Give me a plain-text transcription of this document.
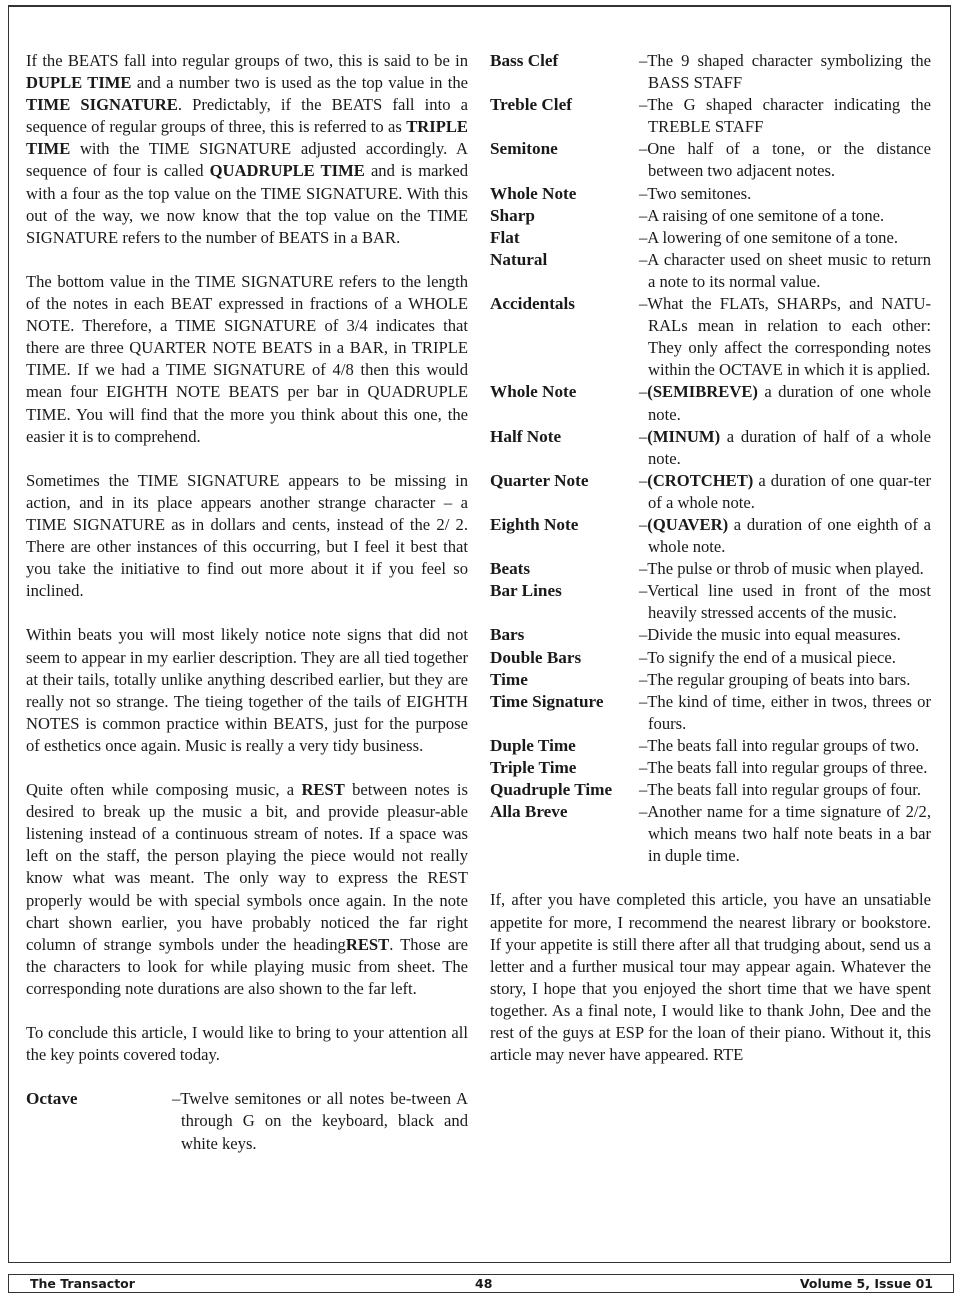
If the BEATS fall into regular groups of two, this is said to be in DUPLE TIME and a number two is used as the top value in the TIME SIGNATURE. Predictably, if the BEATS fall into a sequence of regular groups of three, this is referred to as TRIPLE TIME with the TIME SIGNATURE adjusted accordingly. A sequence of four is called QUADRUPLE TIME and is marked with a four as the top value on the TIME SIGNATURE. With this out of the way, we now know that the top value on the TIME SIGNATURE refers to the number of BEATS in a BAR.

The bottom value in the TIME SIGNATURE refers to the length of the notes in each BEAT expressed in fractions of a WHOLE NOTE. Therefore, a TIME SIGNATURE of 3/4 indicates that there are three QUARTER NOTE BEATS in a BAR, in TRIPLE TIME. If we had a TIME SIGNATURE of 4/8 then this would mean four EIGHTH NOTE BEATS per bar in QUADRUPLE TIME. You will find that the more you think about this one, the easier it is to comprehend.

Sometimes the TIME SIGNATURE appears to be missing in action, and in its place appears another strange character – a TIME SIGNATURE as in dollars and cents, instead of the 2/ 2. There are other instances of this occurring, but I feel it best that you take the initiative to find out more about it if you feel so inclined.

Within beats you will most likely notice note signs that did not seem to appear in my earlier description. They are all tied together at their tails, totally unlike anything described earlier, but they are really not so strange. The tieing together of the tails of EIGHTH NOTES is common practice within BEATS, just for the purpose of esthetics once again. Music is really a very tidy business.

Quite often while composing music, a REST between notes is desired to break up the music a bit, and provide pleasur-able listening instead of a continuous stream of notes. If a space was left on the staff, the person playing the piece would not really know what was meant. The only way to express the REST properly would be with special symbols once again. In the note chart shown earlier, you have probably noticed the far right column of strange symbols under the headingREST. Those are the characters to look for while playing music from sheet. The corresponding note durations are also shown to the far left.

To conclude this article, I would like to bring to your attention all the key points covered today.

Octave	–Twelve semitones or all notes be-tween A through G on the keyboard, black and white keys.
Bass Clef	–The 9 shaped character symbolizing the BASS STAFF
Treble Clef	–The G shaped character indicating the TREBLE STAFF
Semitone	–One half of a tone, or the distance between two adjacent notes.
Whole Note	–Two semitones.
Sharp	–A raising of one semitone of a tone.
Flat	–A lowering of one semitone of a tone.
Natural	–A character used on sheet music to return a note to its normal value.
Accidentals	–What the FLATs, SHARPs, and NATU-RALs mean in relation to each other: They only affect the corresponding notes within the OCTAVE in which it is applied.
Whole Note	–(SEMIBREVE) a duration of one whole note.
Half Note	–(MINUM) a duration of half of a whole note.
Quarter Note	–(CROTCHET) a duration of one quar-ter of a whole note.
Eighth Note	–(QUAVER) a duration of one eighth of a whole note.
Beats	–The pulse or throb of music when played.
Bar Lines	–Vertical line used in front of the most heavily stressed accents of the music.
Bars	–Divide the music into equal measures.
Double Bars	–To signify the end of a musical piece.
Time	–The regular grouping of beats into bars.
Time Signature	–The kind of time, either in twos, threes or fours.
Duple Time	–The beats fall into regular groups of two.
Triple Time	–The beats fall into regular groups of three.
Quadruple Time	–The beats fall into regular groups of four.
Alla Breve	–Another name for a time signature of 2/2, which means two half note beats in a bar in duple time.

If, after you have completed this article, you have an unsatiable appetite for more, I recommend the nearest library or bookstore. If your appetite is still there after all that trudging about, send us a letter and a further musical tour may appear again. Whatever the story, I hope that you enjoyed the short time that we have spent together. As a final note, I would like to thank John, Dee and the rest of the guys at ESP for the loan of their piano. Without it, this article may never have appeared. RTE

The Transactor	48	Volume 5, Issue 01
